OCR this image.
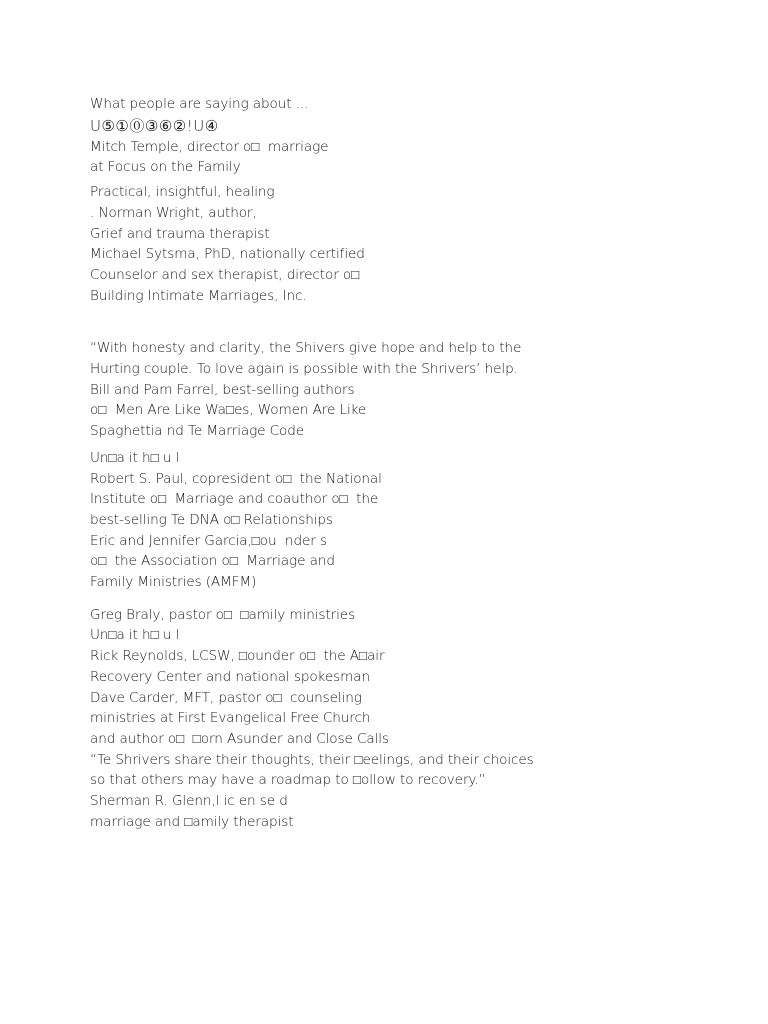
What people are saying about ...
U⑤①⓪③⑥②!U④
Mitch Temple, director o□  marriage
at Focus on the Family
Practical, insightful, healing
. Norman Wright, author,
Grief and trauma therapist
Michael Sytsma, PhD, nationally certified
Counselor and sex therapist, director o□
Building Intimate Marriages, Inc.
“With honesty and clarity, the Shivers give hope and help to the
Hurting couple. To love again is possible with the Shrivers’ help.
Bill and Pam Farrel, best-selling authors
o□  Men Are Like Wa□es, Women Are Like
Spaghettia nd Te Marriage Code
Un□a it h□ u l
Robert S. Paul, copresident o□  the National
Institute o□  Marriage and coauthor o□  the
best-selling Te DNA o□ Relationships
Eric and Jennifer Garcia,□ou  nder s
o□  the Association o□  Marriage and
Family Ministries (AMFM)
Greg Braly, pastor o□  □amily ministries
Un□a it h□ u l
Rick Reynolds, LCSW, □ounder o□  the A□air
Recovery Center and national spokesman
Dave Carder, MFT, pastor o□  counseling
ministries at First Evangelical Free Church
and author o□  □orn Asunder and Close Calls
“Te Shrivers share their thoughts, their □eelings, and their choices
so that others may have a roadmap to □ollow to recovery.”
Sherman R. Glenn,l ic en se d
marriage and □amily therapist
